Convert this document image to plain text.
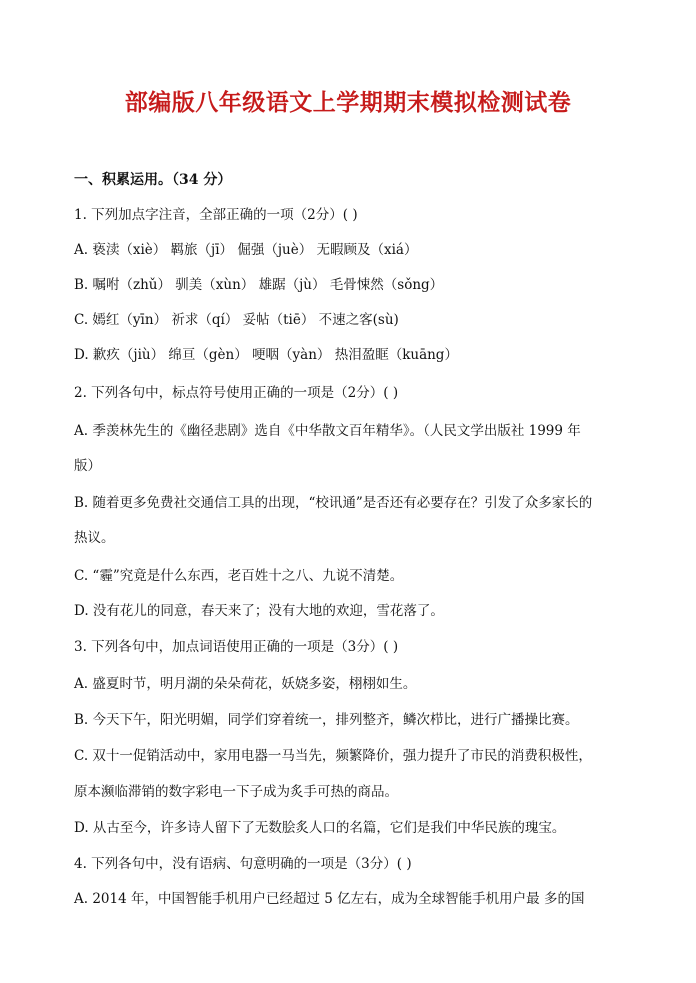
部编版八年级语文上学期期末模拟检测试卷
一、积累运用。（34 分）
1. 下列加点字注音，全部正确的一项（2分）( )
A. 亵渎（xiè） 羁旅（jī） 倔强（juè） 无暇顾及（xiá）
B. 嘱咐（zhǔ） 驯美（xùn） 雄踞（jù） 毛骨悚然（sǒng）
C. 嫣红（yīn） 祈求（qí） 妥帖（tiē） 不速之客(sù)
D. 歉疚（jiù） 绵亘（gèn） 哽咽（yàn） 热泪盈眶（kuāng）
2. 下列各句中，标点符号使用正确的一项是（2分）( )
A. 季羡林先生的《幽径悲剧》选自《中华散文百年精华》。（人民文学出版社 1999 年
版）
B. 随着更多免费社交通信工具的出现，“校讯通”是否还有必要存在？引发了众多家长的
热议。
C. “霾”究竟是什么东西，老百姓十之八、九说不清楚。
D. 没有花儿的同意，春天来了；没有大地的欢迎，雪花落了。
3. 下列各句中，加点词语使用正确的一项是（3分）( )
A. 盛夏时节，明月湖的朵朵荷花，妖娆多姿，栩栩如生。
B. 今天下午，阳光明媚，同学们穿着统一，排列整齐，鳞次栉比，进行广播操比赛。
C. 双十一促销活动中，家用电器一马当先，频繁降价，强力提升了市民的消费积极性，
原本濒临滞销的数字彩电一下子成为炙手可热的商品。
D. 从古至今，许多诗人留下了无数脍炙人口的名篇，它们是我们中华民族的瑰宝。
4. 下列各句中，没有语病、句意明确的一项是（3分）( )
A. 2014 年，中国智能手机用户已经超过 5 亿左右，成为全球智能手机用户最 多的国
